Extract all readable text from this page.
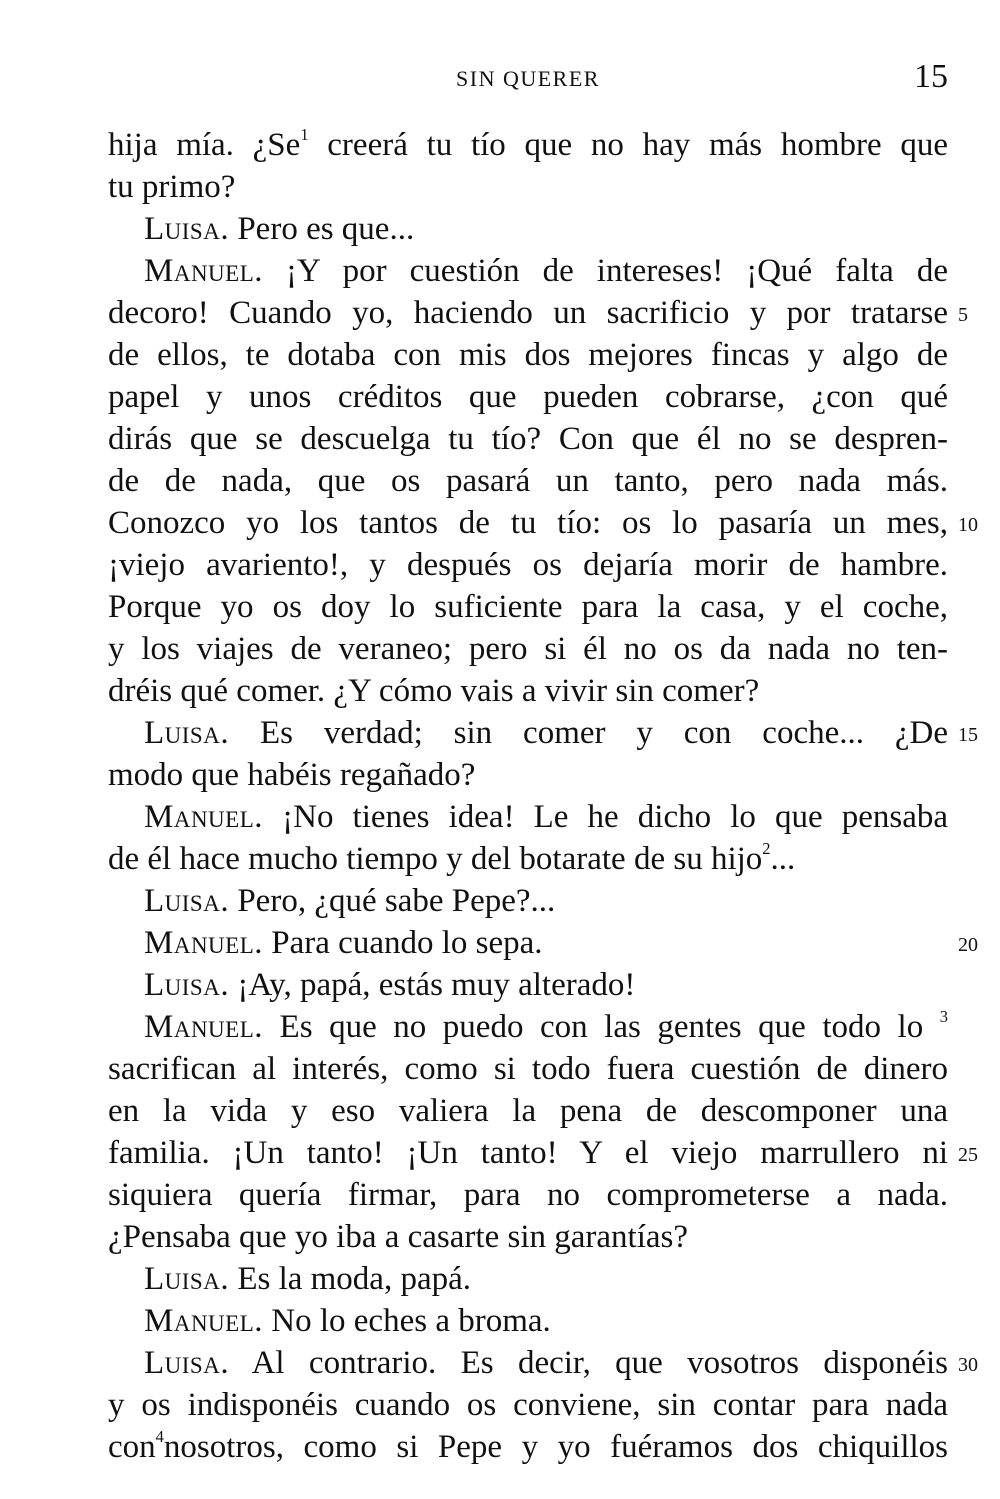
SIN QUERER	15
hija mía. ¿Se$^1$ creerá tu tío que no hay más hombre que
tu primo?
Luisa. Pero es que...
Manuel. ¡Y por cuestión de intereses! ¡Qué falta de
decoro! Cuando yo, haciendo un sacrificio y por tratarse 5
de ellos, te dotaba con mis dos mejores fincas y algo de
papel y unos créditos que pueden cobrarse, ¿con qué
dirás que se descuelga tu tío? Con que él no se despren-
de de nada, que os pasará un tanto, pero nada más.
Conozco yo los tantos de tu tío: os lo pasaría un mes, 10
¡viejo avariento!, y después os dejaría morir de hambre.
Porque yo os doy lo suficiente para la casa, y el coche,
y los viajes de veraneo; pero si él no os da nada no ten-
dréis qué comer. ¿Y cómo vais a vivir sin comer?
Luisa. Es verdad; sin comer y con coche... ¿De 15
modo que habéis regañado?
Manuel. ¡No tienes idea! Le he dicho lo que pensaba
de él hace mucho tiempo y del botarate de su hijo$^2$...
Luisa. Pero, ¿qué sabe Pepe?...
Manuel. Para cuando lo sepa.	20
Luisa. ¡Ay, papá, estás muy alterado!
Manuel. Es que no puedo con las gentes que todo lo $^3$
sacrifican al interés, como si todo fuera cuestión de dinero
en la vida y eso valiera la pena de descomponer una
familia. ¡Un tanto! ¡Un tanto! Y el viejo marrullero ni 25
siquiera quería firmar, para no comprometerse a nada.
¿Pensaba que yo iba a casarte sin garantías?
Luisa. Es la moda, papá.
Manuel. No lo eches a broma.
Luisa. Al contrario. Es decir, que vosotros disponéis 30
y os indisponéis cuando os conviene, sin contar para nada
con$^4$nosotros, como si Pepe y yo fuéramos dos chiquillos
